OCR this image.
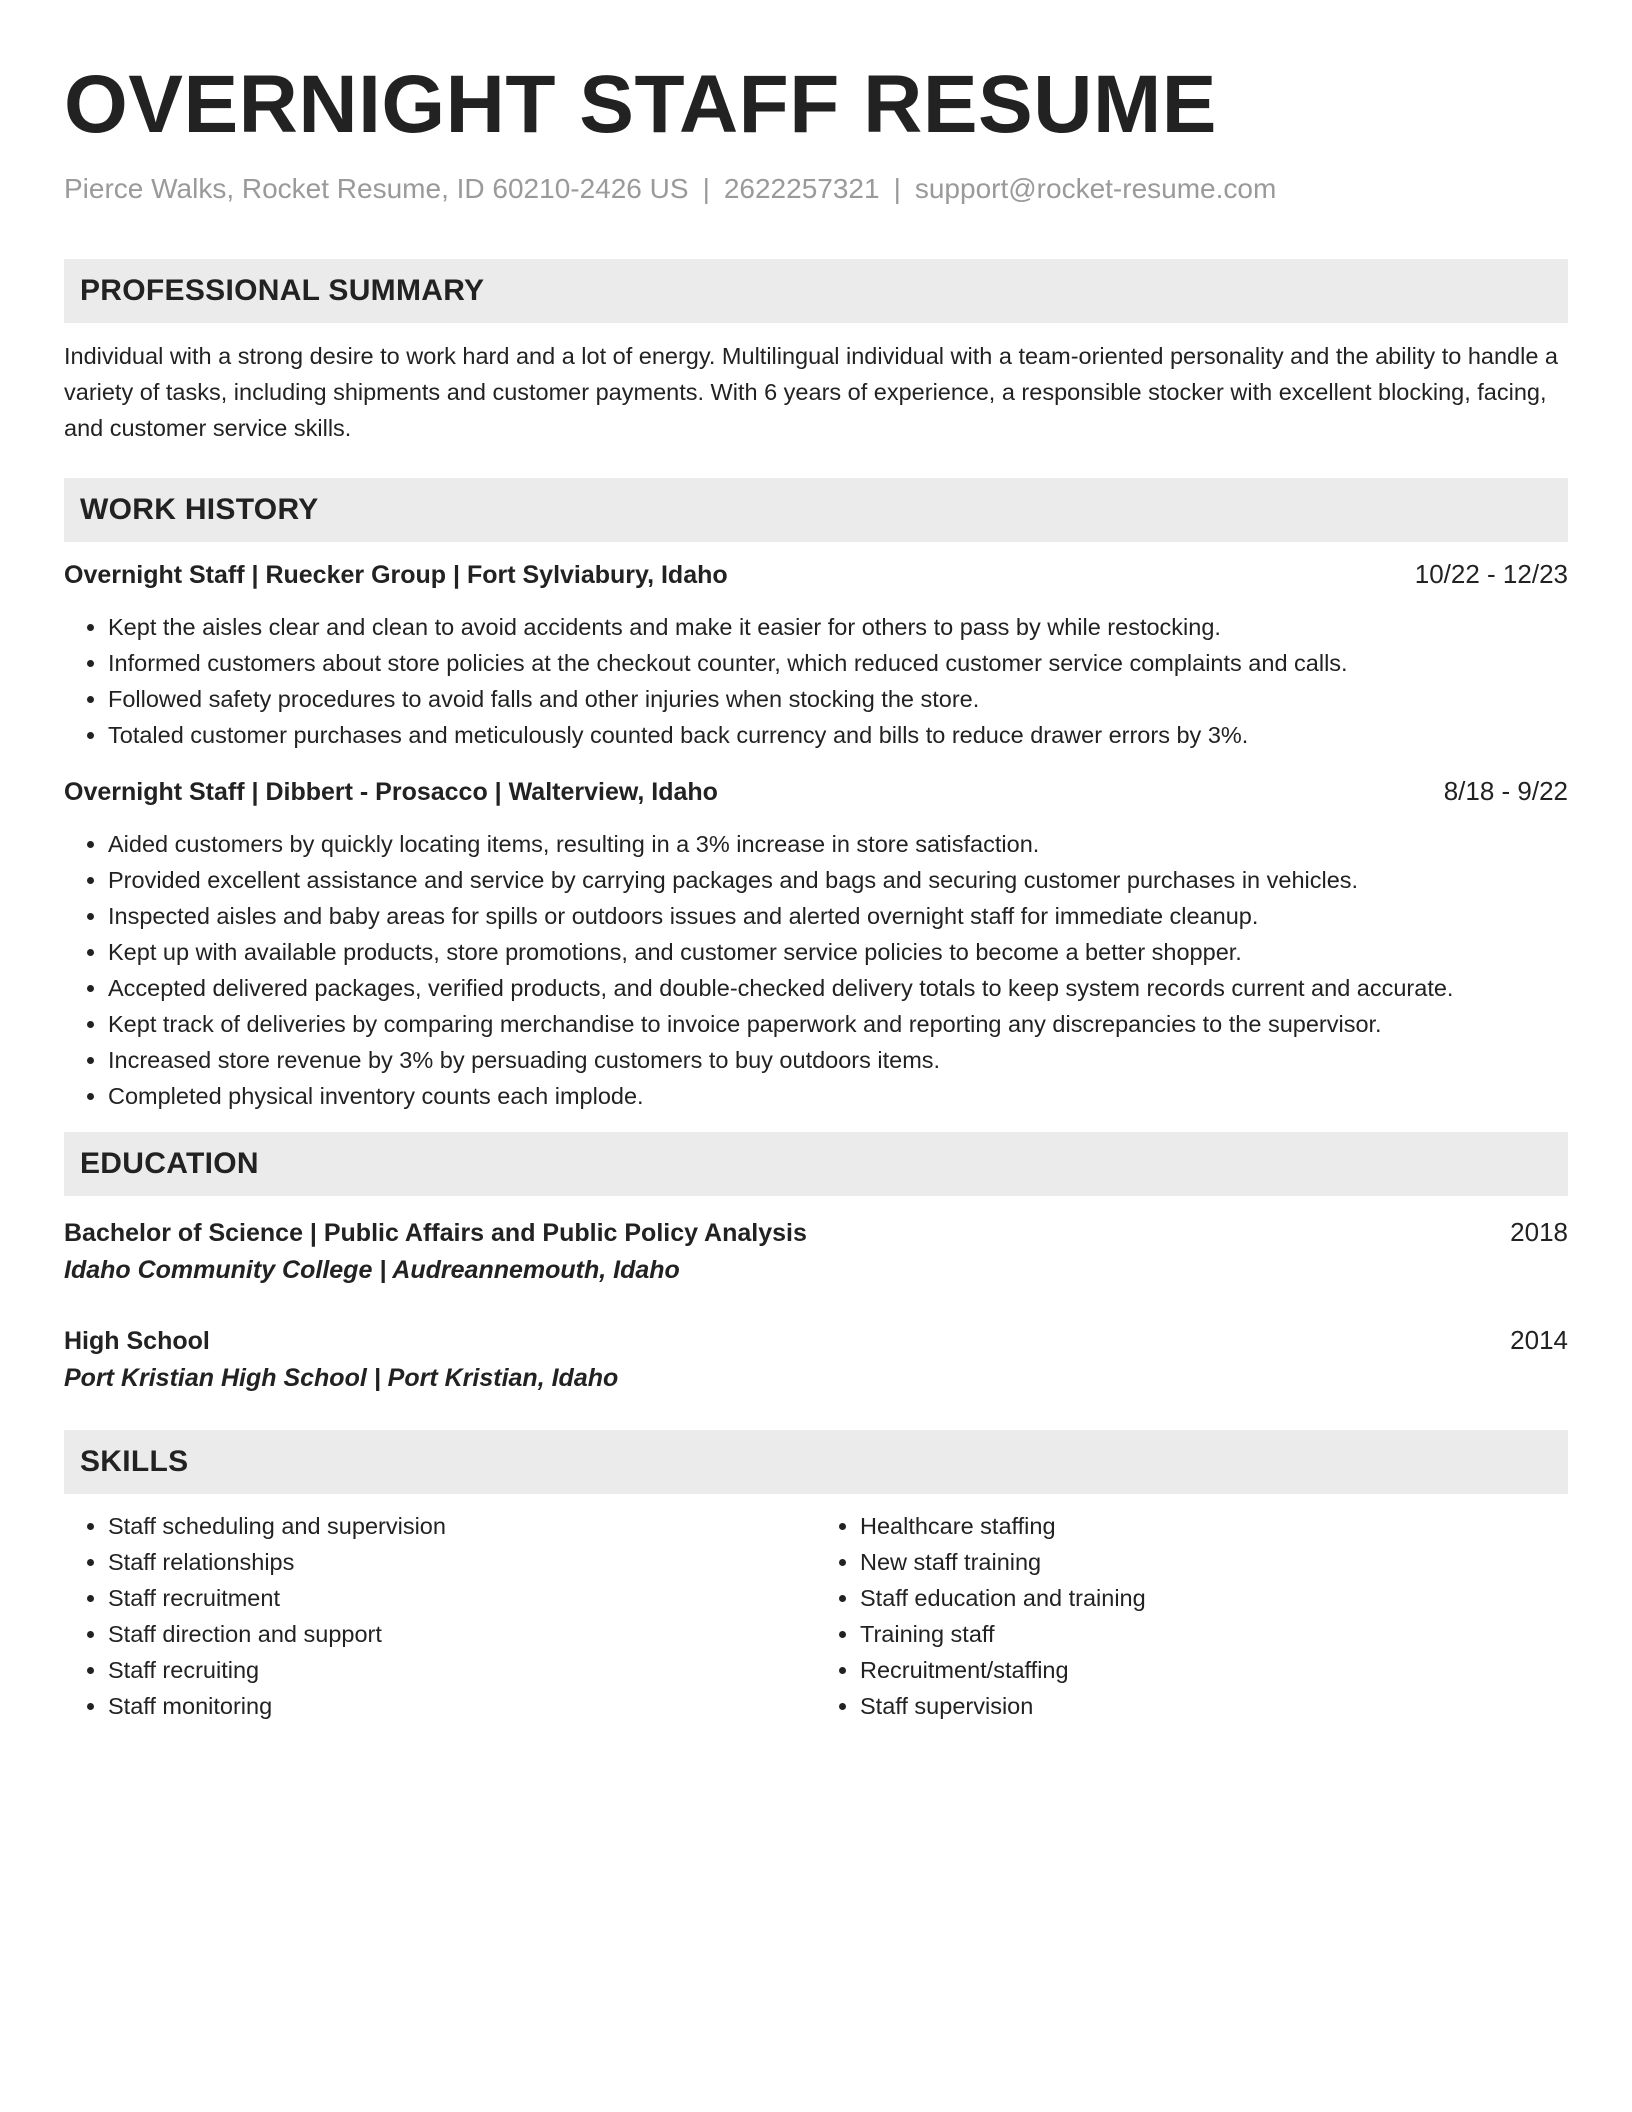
OVERNIGHT STAFF RESUME
Pierce Walks, Rocket Resume, ID 60210-2426 US | 2622257321 | support@rocket-resume.com
PROFESSIONAL SUMMARY

Individual with a strong desire to work hard and a lot of energy. Multilingual individual with a team-oriented personality and the ability to handle a variety of tasks, including shipments and customer payments. With 6 years of experience, a responsible stocker with excellent blocking, facing, and customer service skills.

WORK HISTORY
Overnight Staff | Ruecker Group | Fort Sylviabury, Idaho	10/22 - 12/23
• Kept the aisles clear and clean to avoid accidents and make it easier for others to pass by while restocking.
• Informed customers about store policies at the checkout counter, which reduced customer service complaints and calls.
• Followed safety procedures to avoid falls and other injuries when stocking the store.
• Totaled customer purchases and meticulously counted back currency and bills to reduce drawer errors by 3%.
Overnight Staff | Dibbert - Prosacco | Walterview, Idaho	8/18 - 9/22
• Aided customers by quickly locating items, resulting in a 3% increase in store satisfaction.
• Provided excellent assistance and service by carrying packages and bags and securing customer purchases in vehicles.
• Inspected aisles and baby areas for spills or outdoors issues and alerted overnight staff for immediate cleanup.
• Kept up with available products, store promotions, and customer service policies to become a better shopper.
• Accepted delivered packages, verified products, and double-checked delivery totals to keep system records current and accurate.
• Kept track of deliveries by comparing merchandise to invoice paperwork and reporting any discrepancies to the supervisor.
• Increased store revenue by 3% by persuading customers to buy outdoors items.
• Completed physical inventory counts each implode.
EDUCATION
Bachelor of Science | Public Affairs and Public Policy Analysis	2018
Idaho Community College | Audreannemouth, Idaho
High School	2014
Port Kristian High School | Port Kristian, Idaho
SKILLS
• Staff scheduling and supervision
• Staff relationships
• Staff recruitment
• Staff direction and support
• Staff recruiting
• Staff monitoring
• Healthcare staffing
• New staff training
• Staff education and training
• Training staff
• Recruitment/staffing
• Staff supervision
